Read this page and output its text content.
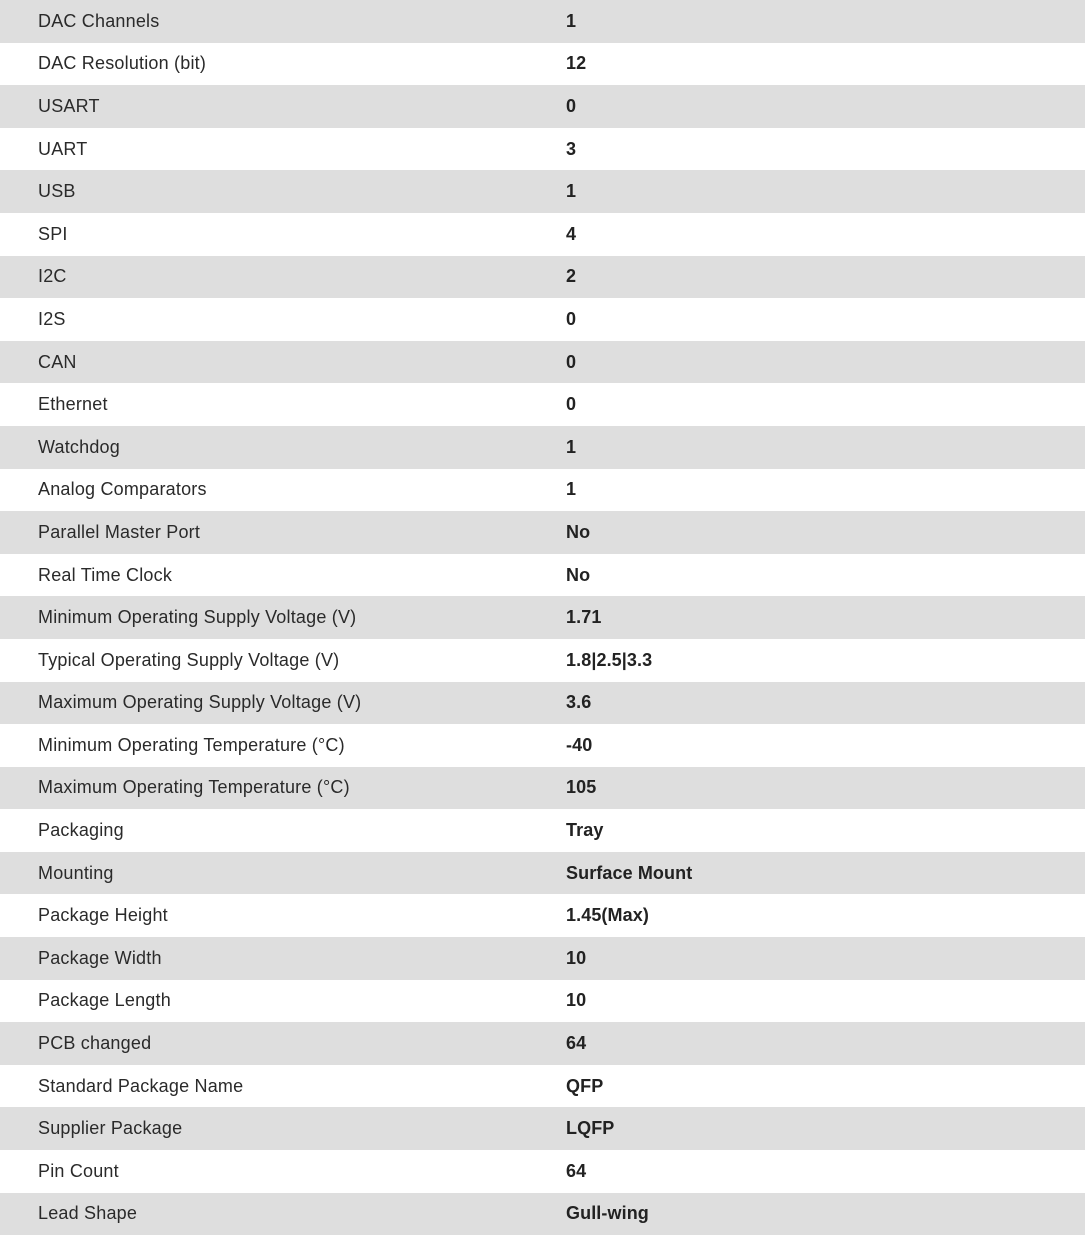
DAC Channels	1
DAC Resolution (bit)	12
USART	0
UART	3
USB	1
SPI	4
I2C	2
I2S	0
CAN	0
Ethernet	0
Watchdog	1
Analog Comparators	1
Parallel Master Port	No
Real Time Clock	No
Minimum Operating Supply Voltage (V)	1.71
Typical Operating Supply Voltage (V)	1.8|2.5|3.3
Maximum Operating Supply Voltage (V)	3.6
Minimum Operating Temperature (°C)	-40
Maximum Operating Temperature (°C)	105
Packaging	Tray
Mounting	Surface Mount
Package Height	1.45(Max)
Package Width	10
Package Length	10
PCB changed	64
Standard Package Name	QFP
Supplier Package	LQFP
Pin Count	64
Lead Shape	Gull-wing
